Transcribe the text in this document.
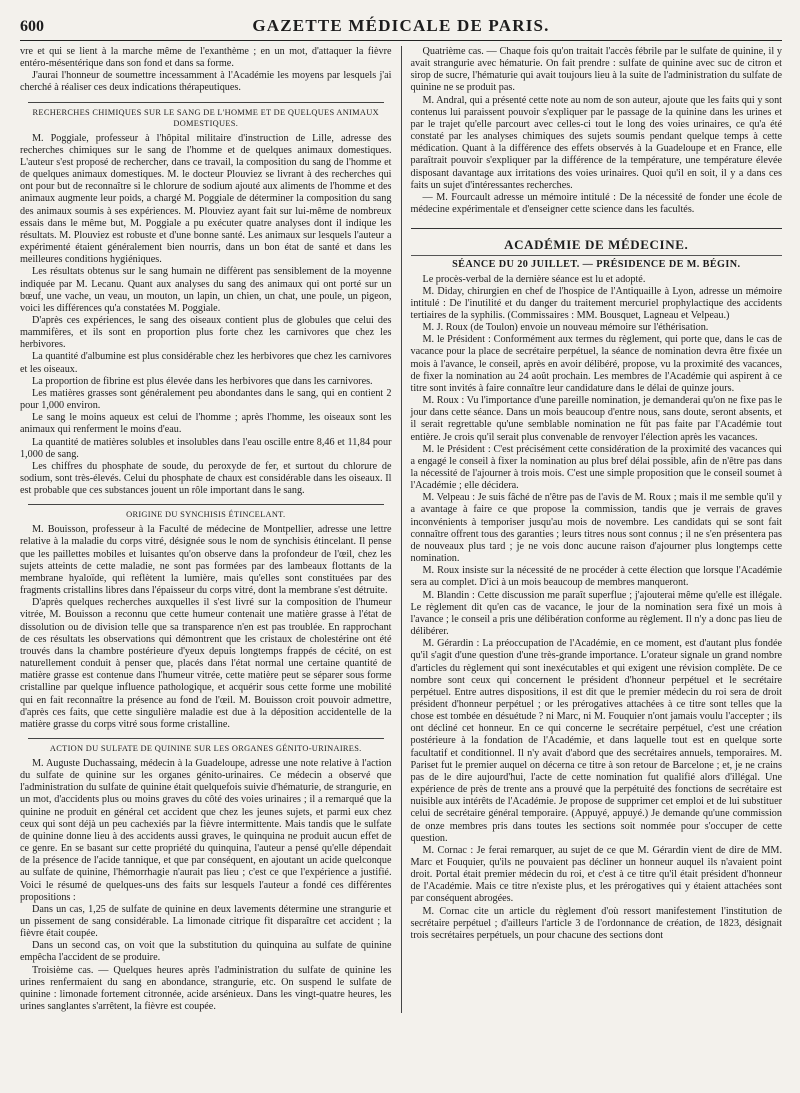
600	GAZETTE MÉDICALE DE PARIS.

vre et qui se lient à la marche même de l'exanthème ; en un mot, d'attaquer la fièvre entéro-mésentérique dans son fond et dans sa forme.

J'aurai l'honneur de soumettre incessamment à l'Académie les moyens par lesquels j'ai cherché à réaliser ces deux indications thérapeutiques.

RECHERCHES CHIMIQUES SUR LE SANG DE L'HOMME ET DE QUELQUES ANIMAUX DOMESTIQUES.

M. Poggiale, professeur à l'hôpital militaire d'instruction de Lille, adresse des recherches chimiques sur le sang de l'homme et de quelques animaux domestiques. L'auteur s'est proposé de rechercher, dans ce travail, la composition du sang de l'homme et de quelques animaux domestiques. M. le docteur Plouviez se livrant à des recherches qui ont pour but de reconnaître si le chlorure de sodium ajouté aux aliments de l'homme et des animaux augmente leur poids, a chargé M. Poggiale de déterminer la composition du sang des animaux soumis à ses expériences. M. Plouviez ayant fait sur lui-même de nombreux essais dans le même but, M. Poggiale a pu exécuter quatre analyses dont il indique les résultats. M. Plouviez est robuste et d'une bonne santé. Les animaux sur lesquels l'auteur a expérimenté étaient généralement bien nourris, dans un bon état de santé et dans les meilleures conditions hygiéniques.

Les résultats obtenus sur le sang humain ne diffèrent pas sensiblement de la moyenne indiquée par M. Lecanu. Quant aux analyses du sang des animaux qui ont porté sur un bœuf, une vache, un veau, un mouton, un lapin, un chien, un chat, une poule, un pigeon, voici les différences qu'a constatées M. Poggiale.

D'après ces expériences, le sang des oiseaux contient plus de globules que celui des mammifères, et ils sont en proportion plus forte chez les carnivores que chez les herbivores.

La quantité d'albumine est plus considérable chez les herbivores que chez les carnivores et les oiseaux.

La proportion de fibrine est plus élevée dans les herbivores que dans les carnivores.

Les matières grasses sont généralement peu abondantes dans le sang, qui en contient 2 pour 1,000 environ.

Le sang le moins aqueux est celui de l'homme ; après l'homme, les oiseaux sont les animaux qui renferment le moins d'eau.

La quantité de matières solubles et insolubles dans l'eau oscille entre 8,46 et 11,84 pour 1,000 de sang.

Les chiffres du phosphate de soude, du peroxyde de fer, et surtout du chlorure de sodium, sont très-élevés. Celui du phosphate de chaux est considérable dans les oiseaux. Il est probable que ces substances jouent un rôle important dans le sang.

ORIGINE DU SYNCHISIS ÉTINCELANT.

M. Bouisson, professeur à la Faculté de médecine de Montpellier, adresse une lettre relative à la maladie du corps vitré, désignée sous le nom de synchisis étincelant. Il pense que les paillettes mobiles et luisantes qu'on observe dans la profondeur de l'œil, chez les sujets atteints de cette maladie, ne sont pas formées par des lambeaux flottants de la membrane hyaloïde, qui reflètent la lumière, mais qu'elles sont constituées par des fragments cristallins libres dans l'épaisseur du corps vitré, dont la membrane s'est détruite.

D'après quelques recherches auxquelles il s'est livré sur la composition de l'humeur vitrée, M. Bouisson a reconnu que cette humeur contenait une matière grasse à l'état de dissolution ou de division telle que sa transparence n'en est pas troublée. En rapprochant de ces résultats les observations qui démontrent que les cristaux de cholestérine ont été trouvés dans la chambre postérieure d'yeux depuis longtemps frappés de cécité, on est naturellement conduit à penser que, placés dans l'état normal une certaine quantité de matière grasse est contenue dans l'humeur vitrée, cette matière peut se séparer sous forme cristalline par quelque influence pathologique, et acquérir sous cette forme une mobilité qui en fait reconnaître la présence au fond de l'œil. M. Bouisson croit pouvoir admettre, d'après ces faits, que cette singulière maladie est due à la déposition accidentelle de la matière grasse du corps vitré sous forme cristalline.

ACTION DU SULFATE DE QUININE SUR LES ORGANES GÉNITO-URINAIRES.

M. Auguste Duchassaing, médecin à la Guadeloupe, adresse une note relative à l'action du sulfate de quinine sur les organes génito-urinaires. Ce médecin a observé que l'administration du sulfate de quinine était quelquefois suivie d'hématurie, de strangurie, en un mot, d'accidents plus ou moins graves du côté des voies urinaires ; il a remarqué que la quinine ne produit en général cet accident que chez les jeunes sujets, et parmi eux chez ceux qui sont déjà un peu cachexiés par la fièvre intermittente. Mais tandis que le sulfate de quinine donne lieu à des accidents aussi graves, le quinquina ne produit aucun effet de ce genre. En se basant sur cette propriété du quinquina, l'auteur a pensé qu'elle dépendait de la présence de l'acide tannique, et que par conséquent, en ajoutant un acide quelconque au sulfate de quinine, l'hémorrhagie n'aurait pas lieu ; c'est ce que l'expérience a justifié. Voici le résumé de quelques-uns des faits sur lesquels l'auteur a fondé ces différentes propositions :

Dans un cas, 1,25 de sulfate de quinine en deux lavements détermine une strangurie et un pissement de sang considérable. La limonade citrique fit disparaître cet accident ; la fièvre était coupée.

Dans un second cas, on voit que la substitution du quinquina au sulfate de quinine empêcha l'accident de se produire.

Troisième cas. — Quelques heures après l'administration du sulfate de quinine les urines renfermaient du sang en abondance, strangurie, etc. On suspend le sulfate de quinine : limonade fortement citronnée, acide arsénieux. Dans les vingt-quatre heures, les urines sanglantes s'arrêtent, la fièvre est coupée.

Quatrième cas. — Chaque fois qu'on traitait l'accès fébrile par le sulfate de quinine, il y avait strangurie avec hématurie. On fait prendre : sulfate de quinine avec suc de citron et sirop de sucre, l'hématurie qui avait toujours lieu à la suite de l'administration du sulfate de quinine ne se produit pas.

M. Andral, qui a présenté cette note au nom de son auteur, ajoute que les faits qui y sont contenus lui paraissent pouvoir s'expliquer par le passage de la quinine dans les urines et par le trajet qu'elle parcourt avec celles-ci tout le long des voies urinaires, ce qu'a été constaté par les analyses chimiques des sujets soumis pendant quelque temps à cette médication. Quant à la différence des effets observés à la Guadeloupe et en France, elle paraîtrait pouvoir s'expliquer par la différence de la température, une température élevée disposant davantage aux irritations des voies urinaires. Quoi qu'il en soit, il y a dans ces faits un sujet d'intéressantes recherches.

— M. Fourcault adresse un mémoire intitulé : De la nécessité de fonder une école de médecine expérimentale et d'enseigner cette science dans les facultés.

ACADÉMIE DE MÉDECINE.
SÉANCE DU 20 JUILLET. — PRÉSIDENCE DE M. BÉGIN.

Le procès-verbal de la dernière séance est lu et adopté.

M. Diday, chirurgien en chef de l'hospice de l'Antiquaille à Lyon, adresse un mémoire intitulé : De l'inutilité et du danger du traitement mercuriel prophylactique des accidents tertiaires de la syphilis. (Commissaires : MM. Bousquet, Lagneau et Velpeau.)

M. J. Roux (de Toulon) envoie un nouveau mémoire sur l'éthérisation.

M. le Président : Conformément aux termes du règlement, qui porte que, dans le cas de vacance pour la place de secrétaire perpétuel, la séance de nomination devra être fixée un mois à l'avance, le conseil, après en avoir délibéré, propose, vu la proximité des vacances, de fixer la nomination au 24 août prochain. Les membres de l'Académie qui aspirent à ce titre sont invités à faire connaître leur candidature dans le délai de quinze jours.

M. Roux : Vu l'importance d'une pareille nomination, je demanderai qu'on ne fixe pas le jour dans cette séance. Dans un mois beaucoup d'entre nous, sans doute, seront absents, et il serait regrettable qu'une semblable nomination ne fût pas faite par l'Académie tout entière. Je crois qu'il serait plus convenable de renvoyer l'élection après les vacances.

M. le Président : C'est précisément cette considération de la proximité des vacances qui a engagé le conseil à fixer la nomination au plus bref délai possible, afin de n'être pas dans la nécessité de l'ajourner à trois mois. C'est une simple proposition que le conseil soumet à l'Académie ; elle décidera.

M. Velpeau : Je suis fâché de n'être pas de l'avis de M. Roux ; mais il me semble qu'il y a avantage à faire ce que propose la commission, tandis que je verrais de graves inconvénients à temporiser jusqu'au mois de novembre. Les candidats qui se sont fait connaître offrent tous des garanties ; leurs titres nous sont connus ; il ne s'en présentera pas de nouveaux plus tard ; je ne vois donc aucune raison d'ajourner plus longtemps cette nomination.

M. Roux insiste sur la nécessité de ne procéder à cette élection que lorsque l'Académie sera au complet. D'ici à un mois beaucoup de membres manqueront.

M. Blandin : Cette discussion me paraît superflue ; j'ajouterai même qu'elle est illégale. Le règlement dit qu'en cas de vacance, le jour de la nomination sera fixé un mois à l'avance ; le conseil a pris une délibération conforme au règlement. Il n'y a donc pas lieu de délibérer.

M. Gérardin : La préoccupation de l'Académie, en ce moment, est d'autant plus fondée qu'il s'agit d'une question d'une très-grande importance. L'orateur signale un grand nombre d'articles du règlement qui sont inexécutables et qui exigent une révision complète. De ce nombre sont ceux qui concernent le président d'honneur perpétuel et le secrétaire perpétuel. Entre autres dispositions, il est dit que le premier médecin du roi sera de droit président d'honneur perpétuel ; or les prérogatives attachées à ce titre sont telles que la chose est tombée en désuétude ? ni Marc, ni M. Fouquier n'ont jamais voulu l'accepter ; ils ont décliné cet honneur. En ce qui concerne le secrétaire perpétuel, c'est une création postérieure à la fondation de l'Académie, et dans laquelle tout est en quelque sorte facultatif et conditionnel. Il n'y avait d'abord que des secrétaires annuels, temporaires. M. Pariset fut le premier auquel on décerna ce titre à son retour de Barcelone ; et, je ne crains pas de le dire aujourd'hui, l'acte de cette nomination fut qualifié alors d'illégal. Une expérience de près de trente ans a prouvé que la perpétuité des fonctions de secrétaire est nuisible aux intérêts de l'Académie. Je propose de supprimer cet emploi et de lui substituer celui de secrétaire général temporaire. (Appuyé, appuyé.) Je demande qu'une commission de onze membres pris dans toutes les sections soit nommée pour s'occuper de cette question.

M. Cornac : Je ferai remarquer, au sujet de ce que M. Gérardin vient de dire de MM. Marc et Fouquier, qu'ils ne pouvaient pas décliner un honneur auquel ils n'avaient point droit. Portal était premier médecin du roi, et c'est à ce titre qu'il était président d'honneur de l'Académie. Mais ce titre n'existe plus, et les prérogatives qui y étaient attachées sont par conséquent abrogées.

M. Cornac cite un article du règlement d'où ressort manifestement l'institution de secrétaire perpétuel ; d'ailleurs l'article 3 de l'ordonnance de création, de 1823, désignait trois secrétaires perpétuels, un pour chacune des sections dont
